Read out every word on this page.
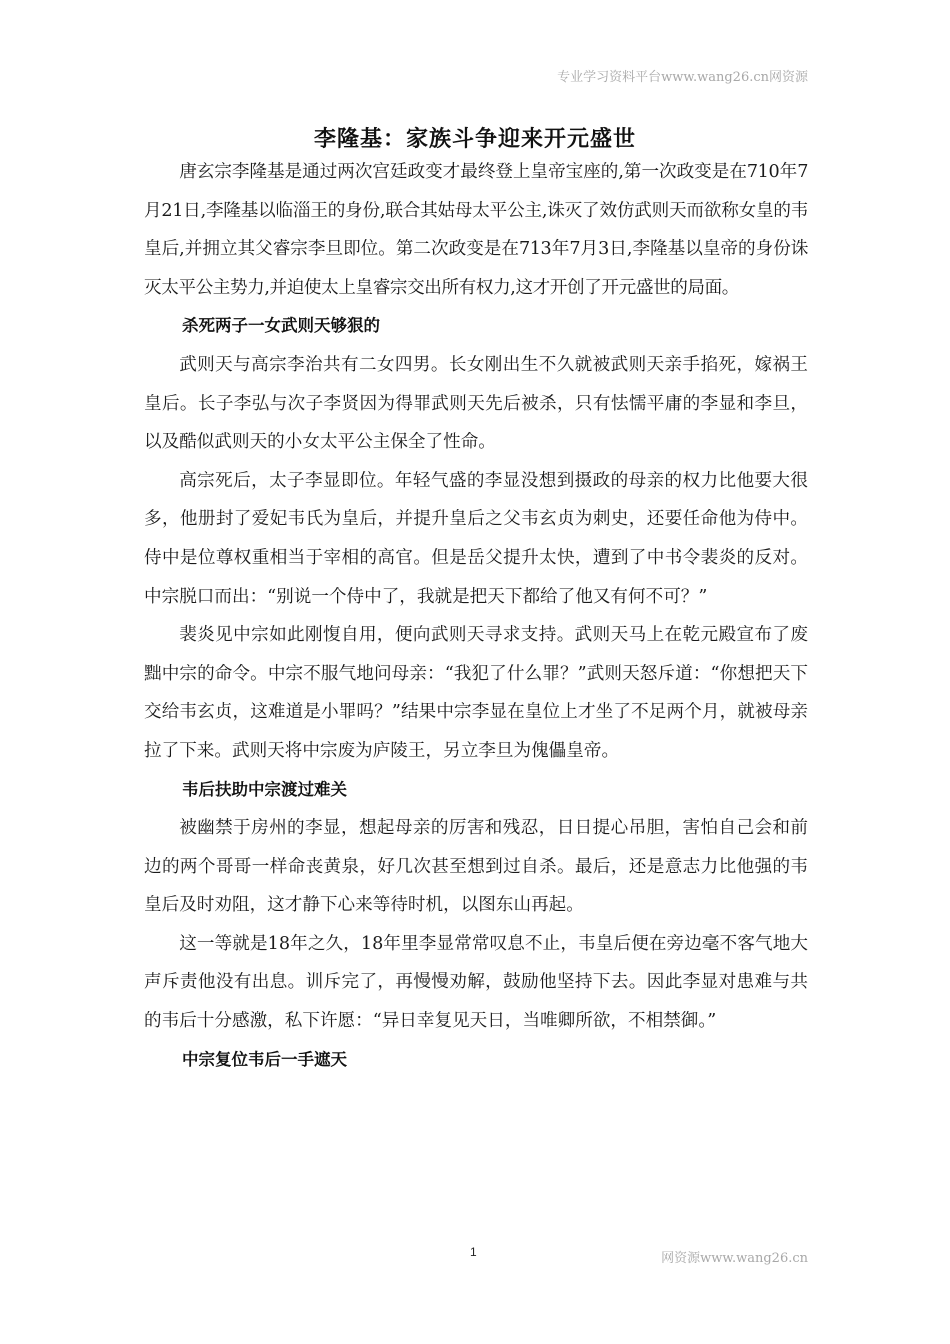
专业学习资料平台www.wang26.cn网资源
李隆基：家族斗争迎来开元盛世

唐玄宗李隆基是通过两次宫廷政变才最终登上皇帝宝座的,第一次政变是在710年7月21日,李隆基以临淄王的身份,联合其姑母太平公主,诛灭了效仿武则天而欲称女皇的韦皇后,并拥立其父睿宗李旦即位。第二次政变是在713年7月3日,李隆基以皇帝的身份诛灭太平公主势力,并迫使太上皇睿宗交出所有权力,这才开创了开元盛世的局面。

杀死两子一女武则天够狠的

武则天与高宗李治共有二女四男。长女刚出生不久就被武则天亲手掐死，嫁祸王皇后。长子李弘与次子李贤因为得罪武则天先后被杀，只有怯懦平庸的李显和李旦，以及酷似武则天的小女太平公主保全了性命。

高宗死后，太子李显即位。年轻气盛的李显没想到摄政的母亲的权力比他要大很多，他册封了爱妃韦氏为皇后，并提升皇后之父韦玄贞为刺史，还要任命他为侍中。侍中是位尊权重相当于宰相的高官。但是岳父提升太快，遭到了中书令裴炎的反对。中宗脱口而出：“别说一个侍中了，我就是把天下都给了他又有何不可？”

裴炎见中宗如此刚愎自用，便向武则天寻求支持。武则天马上在乾元殿宣布了废黜中宗的命令。中宗不服气地问母亲：“我犯了什么罪？”武则天怒斥道：“你想把天下交给韦玄贞，这难道是小罪吗？”结果中宗李显在皇位上才坐了不足两个月，就被母亲拉了下来。武则天将中宗废为庐陵王，另立李旦为傀儡皇帝。

韦后扶助中宗渡过难关

被幽禁于房州的李显，想起母亲的厉害和残忍，日日提心吊胆，害怕自己会和前边的两个哥哥一样命丧黄泉，好几次甚至想到过自杀。最后，还是意志力比他强的韦皇后及时劝阻，这才静下心来等待时机，以图东山再起。

这一等就是18年之久，18年里李显常常叹息不止，韦皇后便在旁边毫不客气地大声斥责他没有出息。训斥完了，再慢慢劝解，鼓励他坚持下去。因此李显对患难与共的韦后十分感激，私下许愿：“异日幸复见天日，当唯卿所欲，不相禁御。”

中宗复位韦后一手遮天
1	网资源www.wang26.cn
